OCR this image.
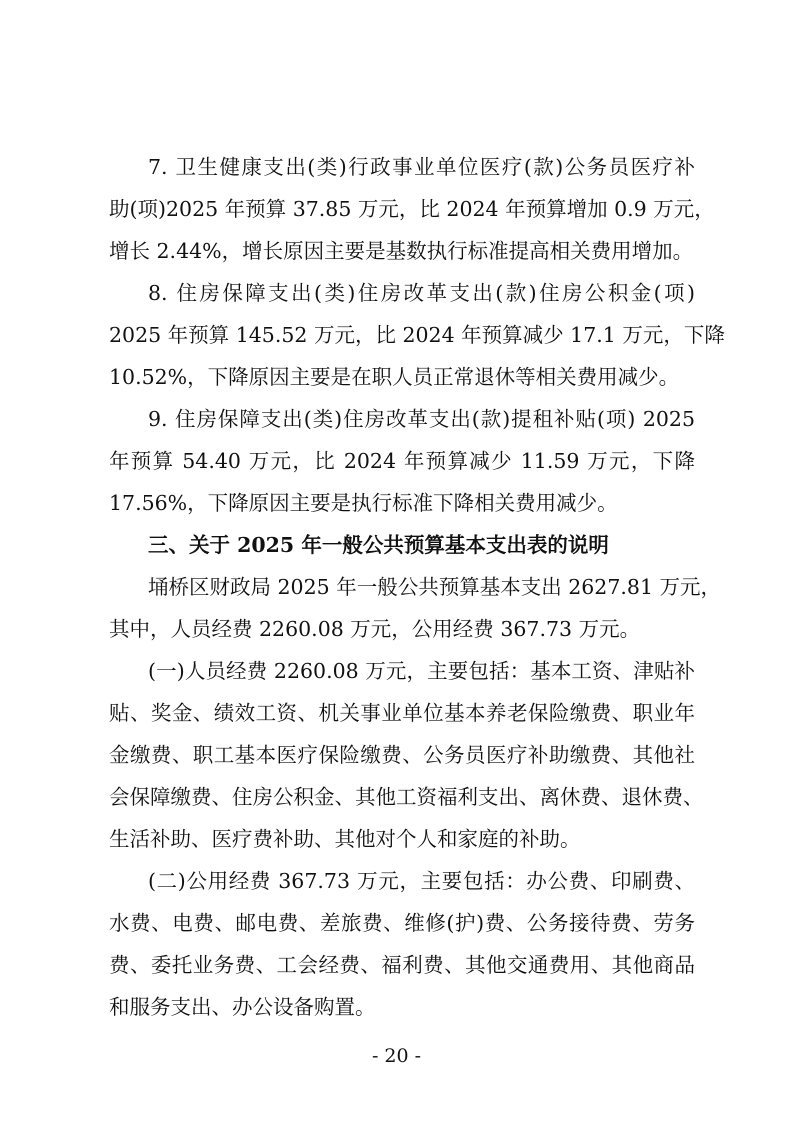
7. 卫生健康支出(类)行政事业单位医疗(款)公务员医疗补
助(项)2025 年预算 37.85 万元，比 2024 年预算增加 0.9 万元，
增长 2.44%，增长原因主要是基数执行标准提高相关费用增加。
8. 住房保障支出(类)住房改革支出(款)住房公积金(项)
2025 年预算 145.52 万元，比 2024 年预算减少 17.1 万元，下降
10.52%，下降原因主要是在职人员正常退休等相关费用减少。
9. 住房保障支出(类)住房改革支出(款)提租补贴(项) 2025
年预算 54.40 万元，比 2024 年预算减少 11.59 万元，下降
17.56%，下降原因主要是执行标准下降相关费用减少。
三、关于 2025 年一般公共预算基本支出表的说明
埇桥区财政局 2025 年一般公共预算基本支出 2627.81 万元，
其中，人员经费 2260.08 万元，公用经费 367.73 万元。
(一)人员经费 2260.08 万元，主要包括：基本工资、津贴补
贴、奖金、绩效工资、机关事业单位基本养老保险缴费、职业年
金缴费、职工基本医疗保险缴费、公务员医疗补助缴费、其他社
会保障缴费、住房公积金、其他工资福利支出、离休费、退休费、
生活补助、医疗费补助、其他对个人和家庭的补助。
(二)公用经费 367.73 万元，主要包括：办公费、印刷费、
水费、电费、邮电费、差旅费、维修(护)费、公务接待费、劳务
费、委托业务费、工会经费、福利费、其他交通费用、其他商品
和服务支出、办公设备购置。
- 20 -
